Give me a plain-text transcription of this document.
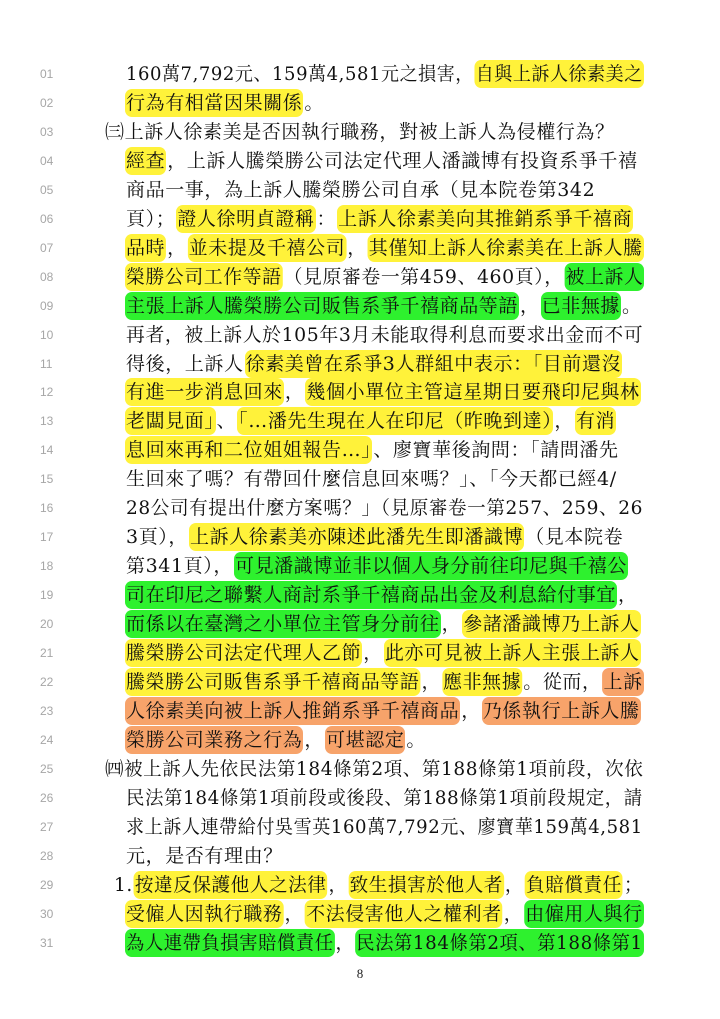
01	160萬7,792元、159萬4,581元之損害，自與上訴人徐素美之
02	行為有相當因果關係 。
03	㈢上訴人徐素美是否因執行職務，對被上訴人為侵權行為？
04	經查 ，上訴人騰榮勝公司法定代理人潘識博有投資系爭千禧
05	商品一事，為上訴人騰榮勝公司自承（見本院卷第342
06	頁）； 證人徐明貞證稱 ： 上訴人徐素美向其推銷系爭千禧商
07	品時 ， 並未提及千禧公司 ， 其僅知上訴人徐素美在上訴人騰
08	榮勝公司工作等語 （見原審卷一第459、460頁）， 被上訴人
09	主張上訴人騰榮勝公司販售系爭千禧商品等語 ， 已非無據 。
10	再者，被上訴人於105年3月未能取得利息而要求出金而不可
11	得後，上訴人 徐素美曾在系爭3人群組中表示：「目前還沒
12	有進一步消息回來 ， 幾個小單位主管這星期日要飛印尼與林
13	老闆見面」 、 「…潘先生現在人在印尼（昨晚到達） ， 有消
14	息回來再和二位姐姐報告…」 、廖寶華後詢問：「請問潘先
15	生回來了嗎？有帶回什麼信息回來嗎？」、「今天都已經4/
16	28公司有提出什麼方案嗎？」（見原審卷一第257、259、26
17	3頁）， 上訴人徐素美亦陳述此潘先生即潘識博 （見本院卷
18	第341頁）， 可見潘識博並非以個人身分前往印尼與千禧公
19	司在印尼之聯繫人商討系爭千禧商品出金及利息給付事宜 ，
20	而係以在臺灣之小單位主管身分前往 ， 參諸潘識博乃上訴人
21	騰榮勝公司法定代理人乙節 ， 此亦可見被上訴人主張上訴人
22	騰榮勝公司販售系爭千禧商品等語 ， 應非無據 。從而， 上訴
23	人徐素美向被上訴人推銷系爭千禧商品 ， 乃係執行上訴人騰
24	榮勝公司業務之行為 ， 可堪認定 。
25	㈣被上訴人先依民法第184條第2項、第188條第1項前段，次依
26	民法第184條第1項前段或後段、第188條第1項前段規定，請
27	求上訴人連帶給付吳雪英160萬7,792元、廖寶華159萬4,581
28	元，是否有理由？
29	1. 按違反保護他人之法律 ， 致生損害於他人者 ， 負賠償責任 ；
30	受僱人因執行職務 ， 不法侵害他人之權利者 ， 由僱用人與行
31	為人連帶負損害賠償責任 ， 民法第184條第2項、第188條第1
8
